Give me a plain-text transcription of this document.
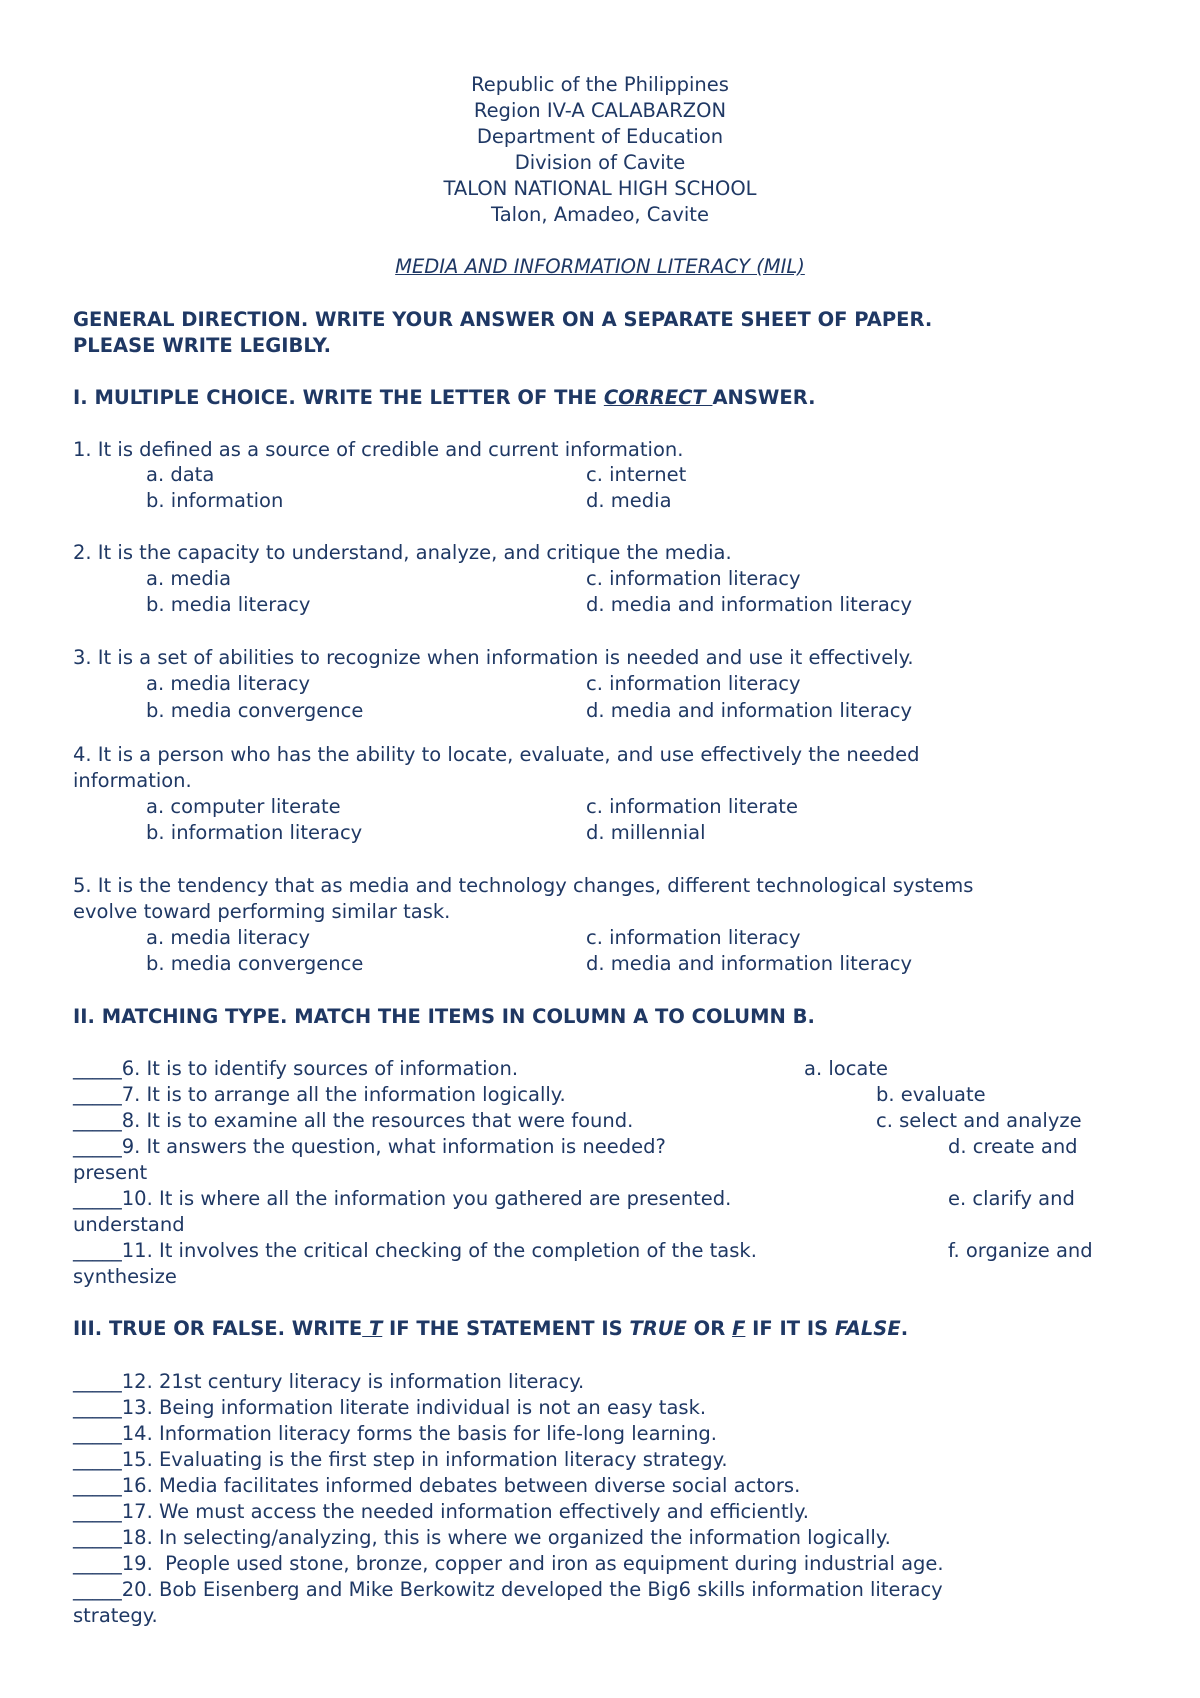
Republic of the Philippines
Region IV-A CALABARZON
Department of Education
Division of Cavite
TALON NATIONAL HIGH SCHOOL
Talon, Amadeo, Cavite
MEDIA AND INFORMATION LITERACY (MIL)
GENERAL DIRECTION. WRITE YOUR ANSWER ON A SEPARATE SHEET OF PAPER.
PLEASE WRITE LEGIBLY.
I. MULTIPLE CHOICE. WRITE THE LETTER OF THE CORRECT ANSWER.
1. It is defined as a source of credible and current information.
a. data	c. internet
b. information	d. media
2. It is the capacity to understand, analyze, and critique the media.
a. media	c. information literacy
b. media literacy	d. media and information literacy
3. It is a set of abilities to recognize when information is needed and use it effectively.
a. media literacy	c. information literacy
b. media convergence	d. media and information literacy
4. It is a person who has the ability to locate, evaluate, and use effectively the needed
information.
a. computer literate	c. information literate
b. information literacy	d. millennial
5. It is the tendency that as media and technology changes, different technological systems
evolve toward performing similar task.
a. media literacy	c. information literacy
b. media convergence	d. media and information literacy
II. MATCHING TYPE. MATCH THE ITEMS IN COLUMN A TO COLUMN B.
_____6. It is to identify sources of information.	a. locate
_____7. It is to arrange all the information logically.	b. evaluate
_____8. It is to examine all the resources that were found.	c. select and analyze
_____9. It answers the question, what information is needed?	d. create and
present
_____10. It is where all the information you gathered are presented.	e. clarify and
understand
_____11. It involves the critical checking of the completion of the task.	f. organize and
synthesize
III. TRUE OR FALSE. WRITE T IF THE STATEMENT IS TRUE OR F IF IT IS FALSE.
_____12. 21st century literacy is information literacy.
_____13. Being information literate individual is not an easy task.
_____14. Information literacy forms the basis for life-long learning.
_____15. Evaluating is the first step in information literacy strategy.
_____16. Media facilitates informed debates between diverse social actors.
_____17. We must access the needed information effectively and efficiently.
_____18. In selecting/analyzing, this is where we organized the information logically.
_____19.  People used stone, bronze, copper and iron as equipment during industrial age.
_____20. Bob Eisenberg and Mike Berkowitz developed the Big6 skills information literacy
strategy.
